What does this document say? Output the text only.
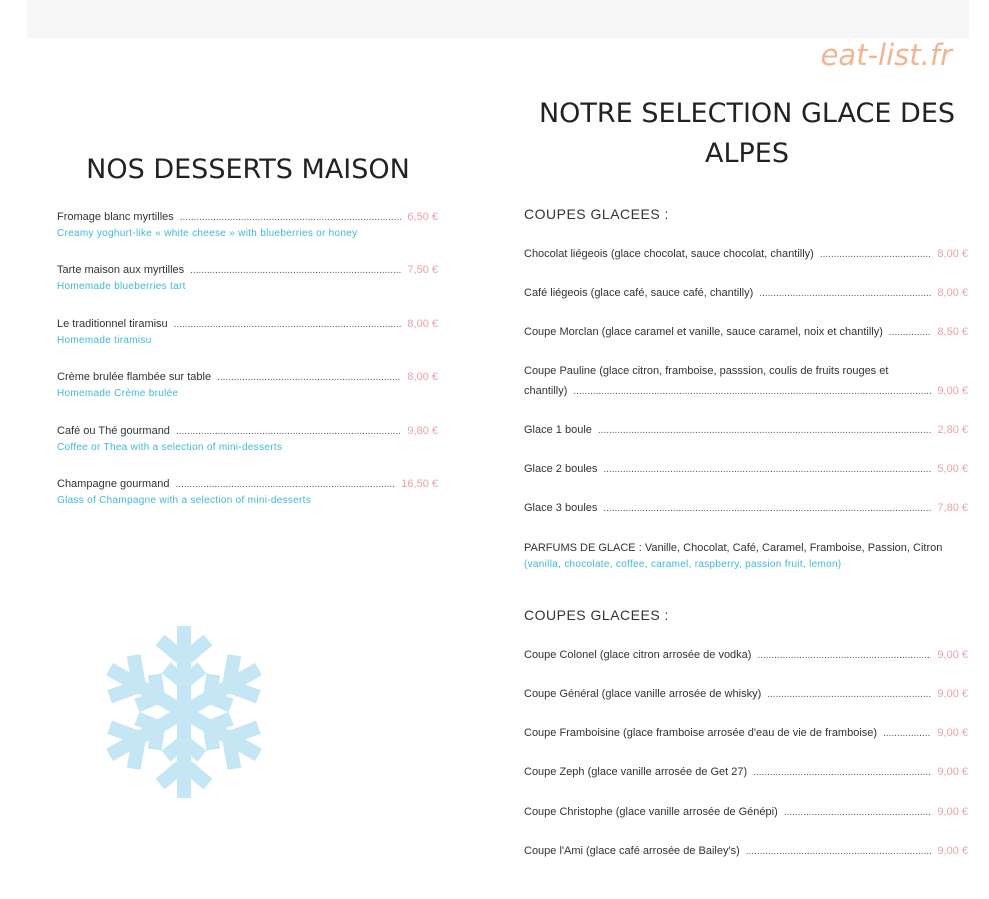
eat-list.fr
NOS DESSERTS MAISON
Fromage blanc myrtilles .....	6,50 €
Creamy yoghurt-like « white cheese » with blueberries or honey
Tarte maison aux myrtilles .....	7,50 €
Homemade blueberries tart
Le traditionnel tiramisu .....	8,00 €
Homemade tiramisu
Crème brulée flambée sur table .....	8,00 €
Homemade Crème brulée
Café ou Thé gourmand .....	9,80 €
Coffee or Thea with a selection of mini-desserts
Champagne gourmand .....	16,50 €
Glass of Champagne with a selection of mini-desserts
NOTRE SELECTION GLACE DES
ALPES
COUPES GLACEES :
Chocolat liégeois (glace chocolat, sauce chocolat, chantilly) .....	8,00 €
Café liégeois (glace café, sauce café, chantilly) .....	8,00 €
Coupe Morclan (glace caramel et vanille, sauce caramel, noix et chantilly) .....	8,50 €
Coupe Pauline (glace citron, framboise, passsion, coulis de fruits rouges et
chantilly) .....	9,00 €
Glace 1 boule .....	2,80 €
Glace 2 boules .....	5,00 €
Glace 3 boules .....	7,80 €
PARFUMS DE GLACE : Vanille, Chocolat, Café, Caramel, Framboise, Passion, Citron
(vanilla, chocolate, coffee, caramel, raspberry, passion fruit, lemon)
COUPES GLACEES :
Coupe Colonel (glace citron arrosée de vodka) .....	9,00 €
Coupe Général (glace vanille arrosée de whisky) .....	9,00 €
Coupe Framboisine (glace framboise arrosée d'eau de vie de framboise) .....	9,00 €
Coupe Zeph (glace vanille arrosée de Get 27) .....	9,00 €
Coupe Christophe (glace vanille arrosée de Génépi) .....	9,00 €
Coupe l'Ami (glace café arrosée de Bailey's) .....	9,00 €
